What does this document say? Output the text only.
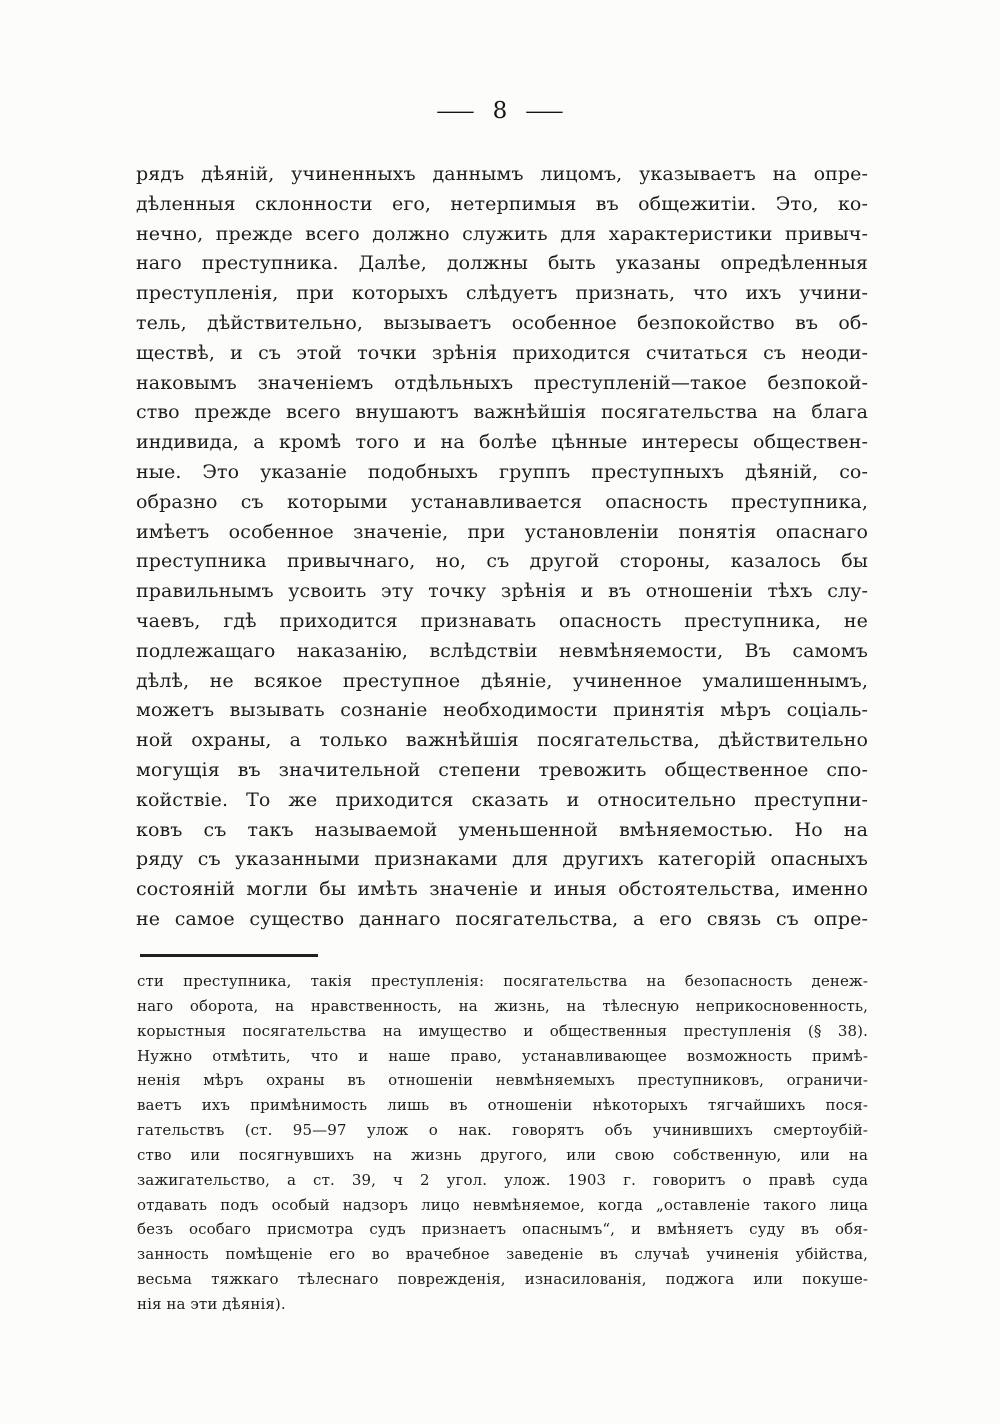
— 8 —
рядъ дѣяній, учиненныхъ даннымъ лицомъ, указываетъ на опре-
дѣленныя склонности его, нетерпимыя въ общежитіи. Это, ко-
нечно, прежде всего должно служить для характеристики привыч-
наго преступника. Далѣе, должны быть указаны опредѣленныя
преступленія, при которыхъ слѣдуетъ признать, что ихъ учини-
тель, дѣйствительно, вызываетъ особенное безпокойство въ об-
ществѣ, и съ этой точки зрѣнія приходится считаться съ неоди-
наковымъ значеніемъ отдѣльныхъ преступленій—такое безпокой-
ство прежде всего внушаютъ важнѣйшія посягательства на блага
индивида, а кромѣ того и на болѣе цѣнные интересы обществен-
ные. Это указаніе подобныхъ группъ преступныхъ дѣяній, со-
образно съ которыми устанавливается опасность преступника,
имѣетъ особенное значеніе, при установленіи понятія опаснаго
преступника привычнаго, но, съ другой стороны, казалось бы
правильнымъ усвоить эту точку зрѣнія и въ отношеніи тѣхъ слу-
чаевъ, гдѣ приходится признавать опасность преступника, не
подлежащаго наказанію, вслѣдствіи невмѣняемости, Въ самомъ
дѣлѣ, не всякое преступное дѣяніе, учиненное умалишеннымъ,
можетъ вызывать сознаніе необходимости принятія мѣръ соціаль-
ной охраны, а только важнѣйшія посягательства, дѣйствительно
могущія въ значительной степени тревожить общественное спо-
койствіе. То же приходится сказать и относительно преступни-
ковъ съ такъ называемой уменьшенной вмѣняемостью. Но на
ряду съ указанными признаками для другихъ категорій опасныхъ
состояній могли бы имѣть значеніе и иныя обстоятельства, именно
не самое существо даннаго посягательства, а его связь съ опре-
сти преступника, такія преступленія: посягательства на безопасность денеж-
наго оборота, на нравственность, на жизнь, на тѣлесную неприкосновенность,
корыстныя посягательства на имущество и общественныя преступленія (§ 38).
Нужно отмѣтить, что и наше право, устанавливающее возможность примѣ-
ненія мѣръ охраны въ отношеніи невмѣняемыхъ преступниковъ, ограничи-
ваетъ ихъ примѣнимость лишь въ отношеніи нѣкоторыхъ тягчайшихъ пося-
гательствъ (ст. 95—97 улож о нак. говорятъ объ учинившихъ смертоубій-
ство или посягнувшихъ на жизнь другого, или свою собственную, или на
зажигательство, а ст. 39, ч 2 угол. улож. 1903 г. говоритъ о правѣ суда
отдавать подъ особый надзоръ лицо невмѣняемое, когда „оставленіе такого лица
безъ особаго присмотра судъ признаетъ опаснымъ“, и вмѣняетъ суду въ обя-
занность помѣщеніе его во врачебное заведеніе въ случаѣ учиненія убійства,
весьма тяжкаго тѣлеснаго поврежденія, изнасилованія, поджога или покуше-
нія на эти дѣянія).
